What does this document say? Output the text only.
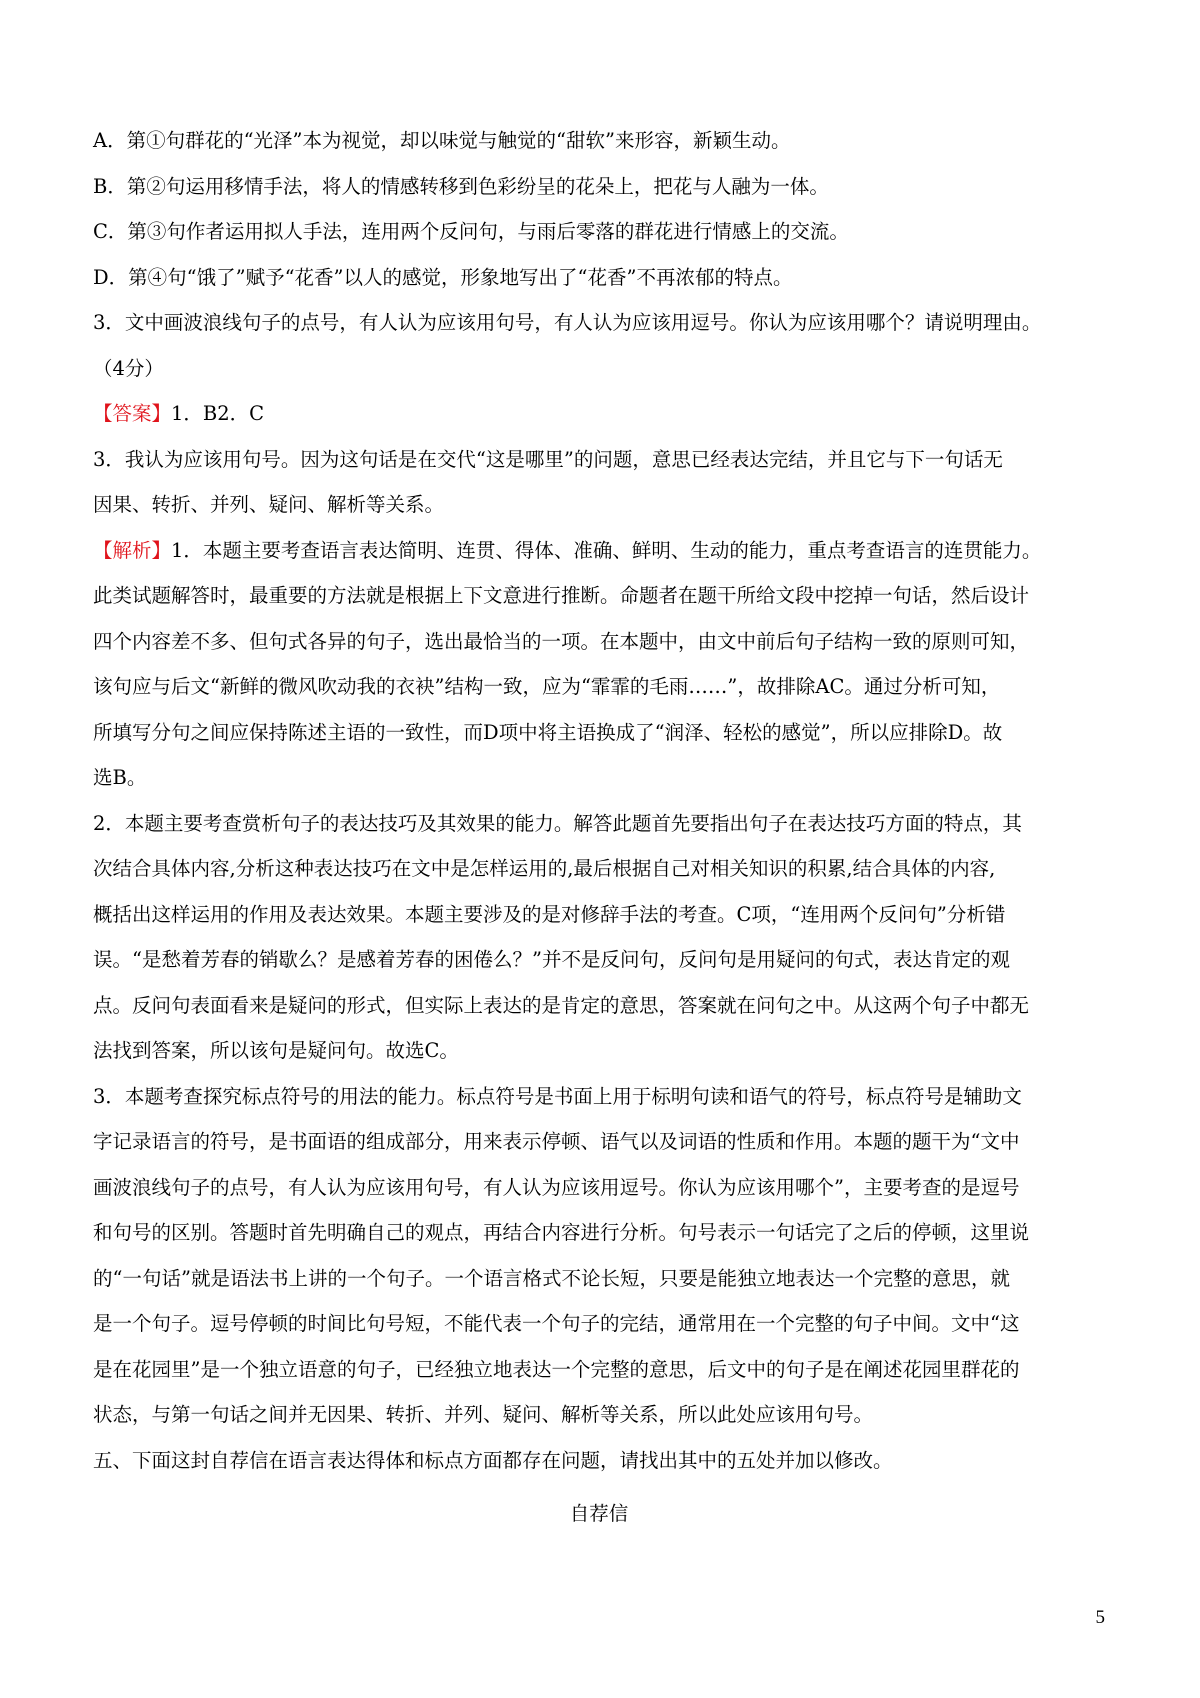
A．第①句群花的“光泽”本为视觉，却以味觉与触觉的“甜软”来形容，新颖生动。

B．第②句运用移情手法，将人的情感转移到色彩纷呈的花朵上，把花与人融为一体。

C．第③句作者运用拟人手法，连用两个反问句，与雨后零落的群花进行情感上的交流。

D．第④句“饿了”赋予“花香”以人的感觉，形象地写出了“花香”不再浓郁的特点。

3．文中画波浪线句子的点号，有人认为应该用句号，有人认为应该用逗号。你认为应该用哪个？请说明理由。

（4分）

【答案】1．B2．C

3．我认为应该用句号。因为这句话是在交代“这是哪里”的问题，意思已经表达完结，并且它与下一句话无

因果、转折、并列、疑问、解析等关系。

【解析】1．本题主要考查语言表达简明、连贯、得体、准确、鲜明、生动的能力，重点考查语言的连贯能力。

此类试题解答时，最重要的方法就是根据上下文意进行推断。命题者在题干所给文段中挖掉一句话，然后设计

四个内容差不多、但句式各异的句子，选出最恰当的一项。在本题中，由文中前后句子结构一致的原则可知，

该句应与后文“新鲜的微风吹动我的衣袂”结构一致，应为“霏霏的毛雨……”，故排除AC。通过分析可知，

所填写分句之间应保持陈述主语的一致性，而D项中将主语换成了“润泽、轻松的感觉”，所以应排除D。故

选B。

2．本题主要考查赏析句子的表达技巧及其效果的能力。解答此题首先要指出句子在表达技巧方面的特点，其

次结合具体内容,分析这种表达技巧在文中是怎样运用的,最后根据自己对相关知识的积累,结合具体的内容,

概括出这样运用的作用及表达效果。本题主要涉及的是对修辞手法的考查。C项，“连用两个反问句”分析错

误。“是愁着芳春的销歇么？是感着芳春的困倦么？”并不是反问句，反问句是用疑问的句式，表达肯定的观

点。反问句表面看来是疑问的形式，但实际上表达的是肯定的意思，答案就在问句之中。从这两个句子中都无

法找到答案，所以该句是疑问句。故选C。

3．本题考查探究标点符号的用法的能力。标点符号是书面上用于标明句读和语气的符号，标点符号是辅助文

字记录语言的符号，是书面语的组成部分，用来表示停顿、语气以及词语的性质和作用。本题的题干为“文中

画波浪线句子的点号，有人认为应该用句号，有人认为应该用逗号。你认为应该用哪个”，主要考查的是逗号

和句号的区别。答题时首先明确自己的观点，再结合内容进行分析。句号表示一句话完了之后的停顿，这里说

的“一句话”就是语法书上讲的一个句子。一个语言格式不论长短，只要是能独立地表达一个完整的意思，就

是一个句子。逗号停顿的时间比句号短，不能代表一个句子的完结，通常用在一个完整的句子中间。文中“这

是在花园里”是一个独立语意的句子，已经独立地表达一个完整的意思，后文中的句子是在阐述花园里群花的

状态，与第一句话之间并无因果、转折、并列、疑问、解析等关系，所以此处应该用句号。

五、下面这封自荐信在语言表达得体和标点方面都存在问题，请找出其中的五处并加以修改。

自荐信

5
